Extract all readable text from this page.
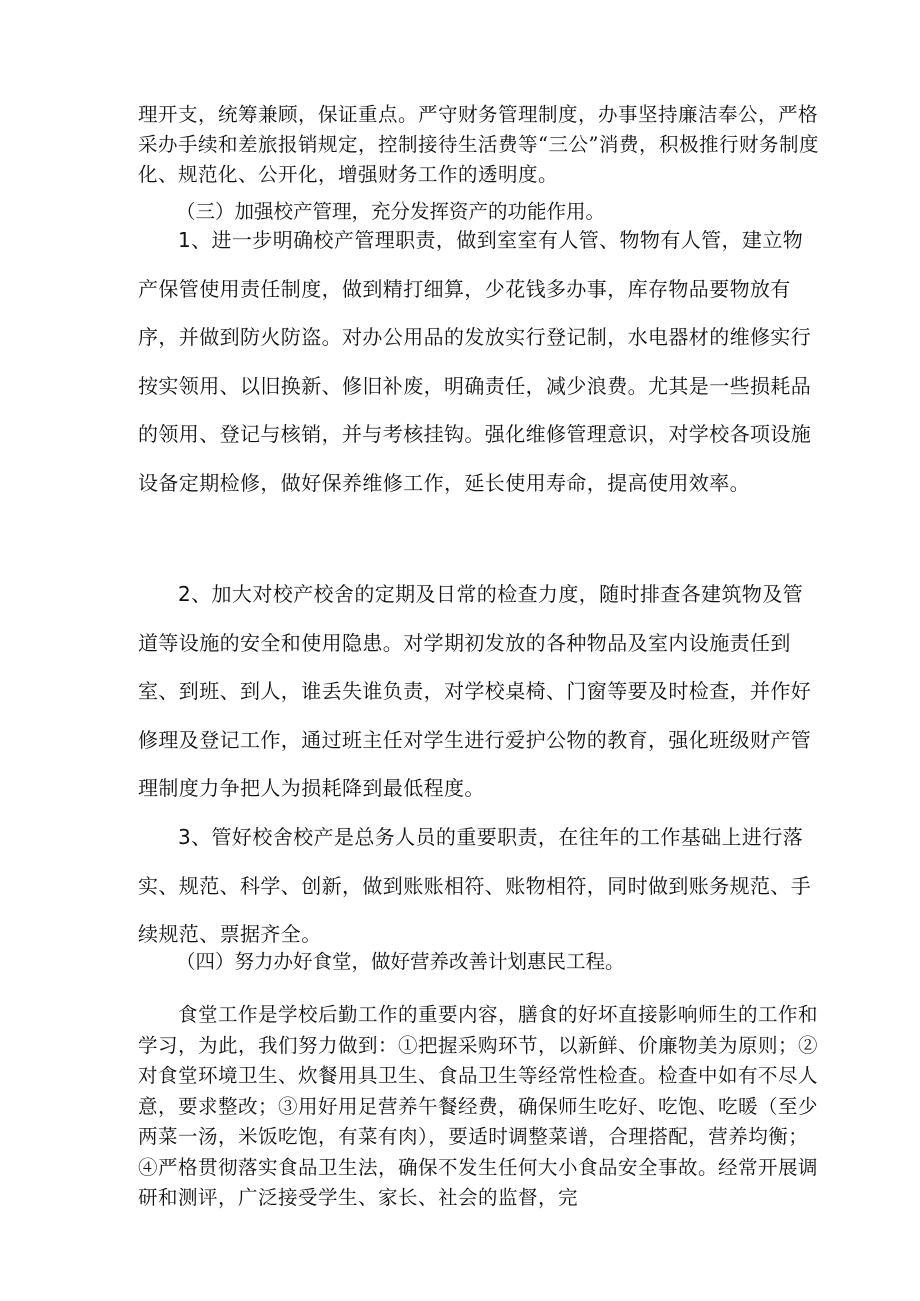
理开支，统筹兼顾，保证重点。严守财务管理制度，办事坚持廉洁奉公，严格采办手续和差旅报销规定，控制接待生活费等“三公”消费，积极推行财务制度化、规范化、公开化，增强财务工作的透明度。

（三）加强校产管理，充分发挥资产的功能作用。

1、进一步明确校产管理职责，做到室室有人管、物物有人管，建立物产保管使用责任制度，做到精打细算，少花钱多办事，库存物品要物放有序，并做到防火防盗。对办公用品的发放实行登记制，水电器材的维修实行按实领用、以旧换新、修旧补废，明确责任，减少浪费。尤其是一些损耗品的领用、登记与核销，并与考核挂钩。强化维修管理意识，对学校各项设施设备定期检修，做好保养维修工作，延长使用寿命，提高使用效率。

2、加大对校产校舍的定期及日常的检查力度，随时排查各建筑物及管道等设施的安全和使用隐患。对学期初发放的各种物品及室内设施责任到室、到班、到人，谁丢失谁负责，对学校桌椅、门窗等要及时检查，并作好修理及登记工作，通过班主任对学生进行爱护公物的教育，强化班级财产管理制度力争把人为损耗降到最低程度。

3、管好校舍校产是总务人员的重要职责，在往年的工作基础上进行落实、规范、科学、创新，做到账账相符、账物相符，同时做到账务规范、手续规范、票据齐全。

（四）努力办好食堂，做好营养改善计划惠民工程。

食堂工作是学校后勤工作的重要内容，膳食的好坏直接影响师生的工作和学习，为此，我们努力做到：①把握采购环节，以新鲜、价廉物美为原则；②对食堂环境卫生、炊餐用具卫生、食品卫生等经常性检查。检查中如有不尽人意，要求整改；③用好用足营养午餐经费，确保师生吃好、吃饱、吃暖（至少两菜一汤，米饭吃饱，有菜有肉），要适时调整菜谱，合理搭配，营养均衡；④严格贯彻落实食品卫生法，确保不发生任何大小食品安全事故。经常开展调研和测评，广泛接受学生、家长、社会的监督，完
